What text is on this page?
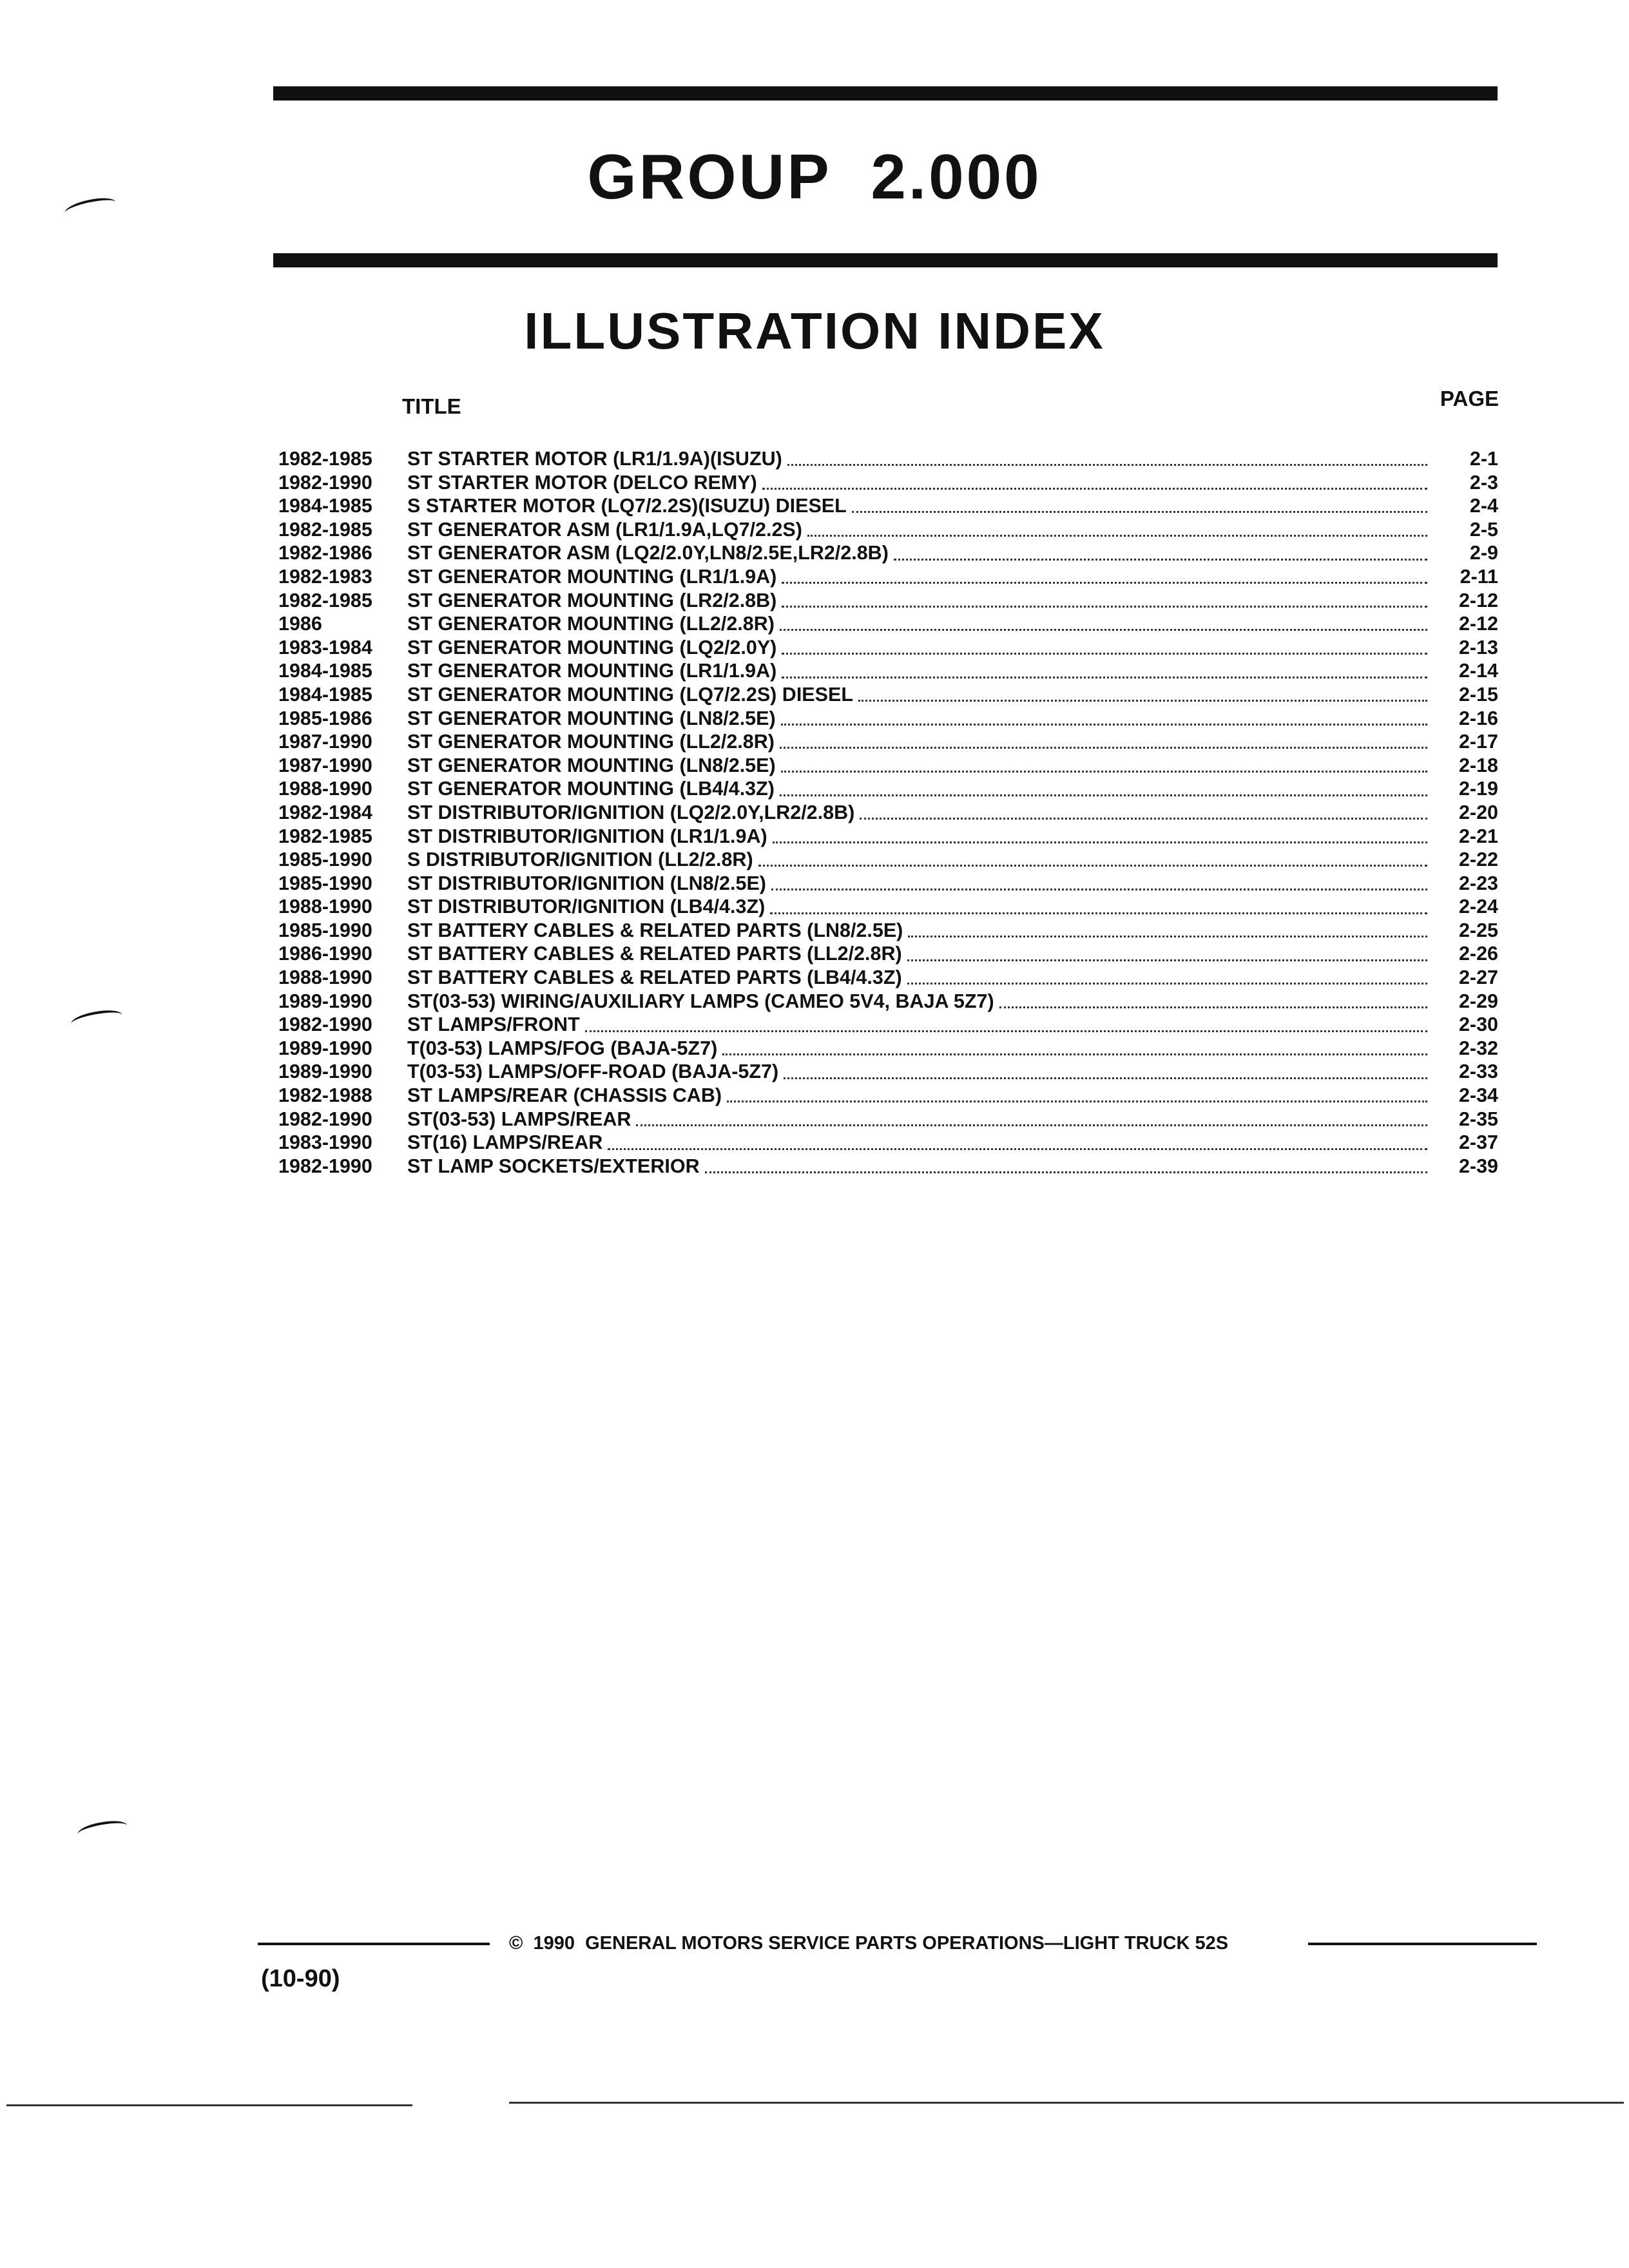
GROUP  2.000
ILLUSTRATION INDEX
TITLE	PAGE
1982-1985	ST STARTER MOTOR (LR1/1.9A)(ISUZU)	2-1
1982-1990	ST STARTER MOTOR (DELCO REMY)	2-3
1984-1985	S STARTER MOTOR (LQ7/2.2S)(ISUZU) DIESEL	2-4
1982-1985	ST GENERATOR ASM (LR1/1.9A,LQ7/2.2S)	2-5
1982-1986	ST GENERATOR ASM (LQ2/2.0Y,LN8/2.5E,LR2/2.8B)	2-9
1982-1983	ST GENERATOR MOUNTING (LR1/1.9A)	2-11
1982-1985	ST GENERATOR MOUNTING (LR2/2.8B)	2-12
1986	ST GENERATOR MOUNTING (LL2/2.8R)	2-12
1983-1984	ST GENERATOR MOUNTING (LQ2/2.0Y)	2-13
1984-1985	ST GENERATOR MOUNTING (LR1/1.9A)	2-14
1984-1985	ST GENERATOR MOUNTING (LQ7/2.2S) DIESEL	2-15
1985-1986	ST GENERATOR MOUNTING (LN8/2.5E)	2-16
1987-1990	ST GENERATOR MOUNTING (LL2/2.8R)	2-17
1987-1990	ST GENERATOR MOUNTING (LN8/2.5E)	2-18
1988-1990	ST GENERATOR MOUNTING (LB4/4.3Z)	2-19
1982-1984	ST DISTRIBUTOR/IGNITION (LQ2/2.0Y,LR2/2.8B)	2-20
1982-1985	ST DISTRIBUTOR/IGNITION (LR1/1.9A)	2-21
1985-1990	S DISTRIBUTOR/IGNITION (LL2/2.8R)	2-22
1985-1990	ST DISTRIBUTOR/IGNITION (LN8/2.5E)	2-23
1988-1990	ST DISTRIBUTOR/IGNITION (LB4/4.3Z)	2-24
1985-1990	ST BATTERY CABLES & RELATED PARTS (LN8/2.5E)	2-25
1986-1990	ST BATTERY CABLES & RELATED PARTS (LL2/2.8R)	2-26
1988-1990	ST BATTERY CABLES & RELATED PARTS (LB4/4.3Z)	2-27
1989-1990	ST(03-53) WIRING/AUXILIARY LAMPS (CAMEO 5V4, BAJA 5Z7)	2-29
1982-1990	ST LAMPS/FRONT	2-30
1989-1990	T(03-53) LAMPS/FOG (BAJA-5Z7)	2-32
1989-1990	T(03-53) LAMPS/OFF-ROAD (BAJA-5Z7)	2-33
1982-1988	ST LAMPS/REAR (CHASSIS CAB)	2-34
1982-1990	ST(03-53) LAMPS/REAR	2-35
1983-1990	ST(16) LAMPS/REAR	2-37
1982-1990	ST LAMP SOCKETS/EXTERIOR	2-39
©  1990  GENERAL MOTORS SERVICE PARTS OPERATIONS—LIGHT TRUCK 52S
(10-90)
